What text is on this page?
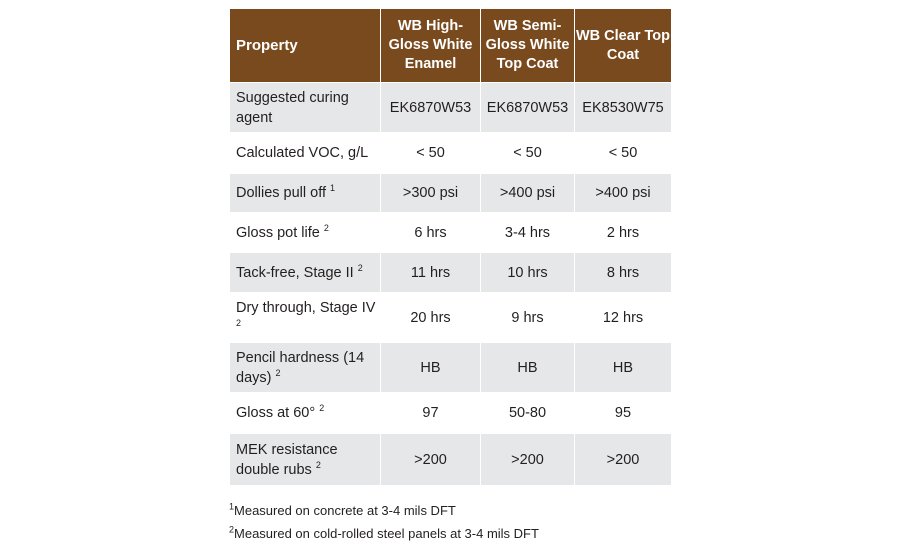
Property	WB High-Gloss White Enamel	WB Semi-Gloss White Top Coat	WB Clear Top Coat
Suggested curing agent	EK6870W53	EK6870W53	EK8530W75
Calculated VOC, g/L	< 50	< 50	< 50
Dollies pull off $^1$	>300 psi	>400 psi	>400 psi
Gloss pot life $^2$	6 hrs	3-4 hrs	2 hrs
Tack-free, Stage II $^2$	11 hrs	10 hrs	8 hrs
Dry through, Stage IV $^2$	20 hrs	9 hrs	12 hrs
Pencil hardness (14 days) $^2$	HB	HB	HB
Gloss at 60° $^2$	97	50-80	95
MEK resistance double rubs $^2$	>200	>200	>200
$^1$Measured on concrete at 3-4 mils DFT
$^2$Measured on cold-rolled steel panels at 3-4 mils DFT
